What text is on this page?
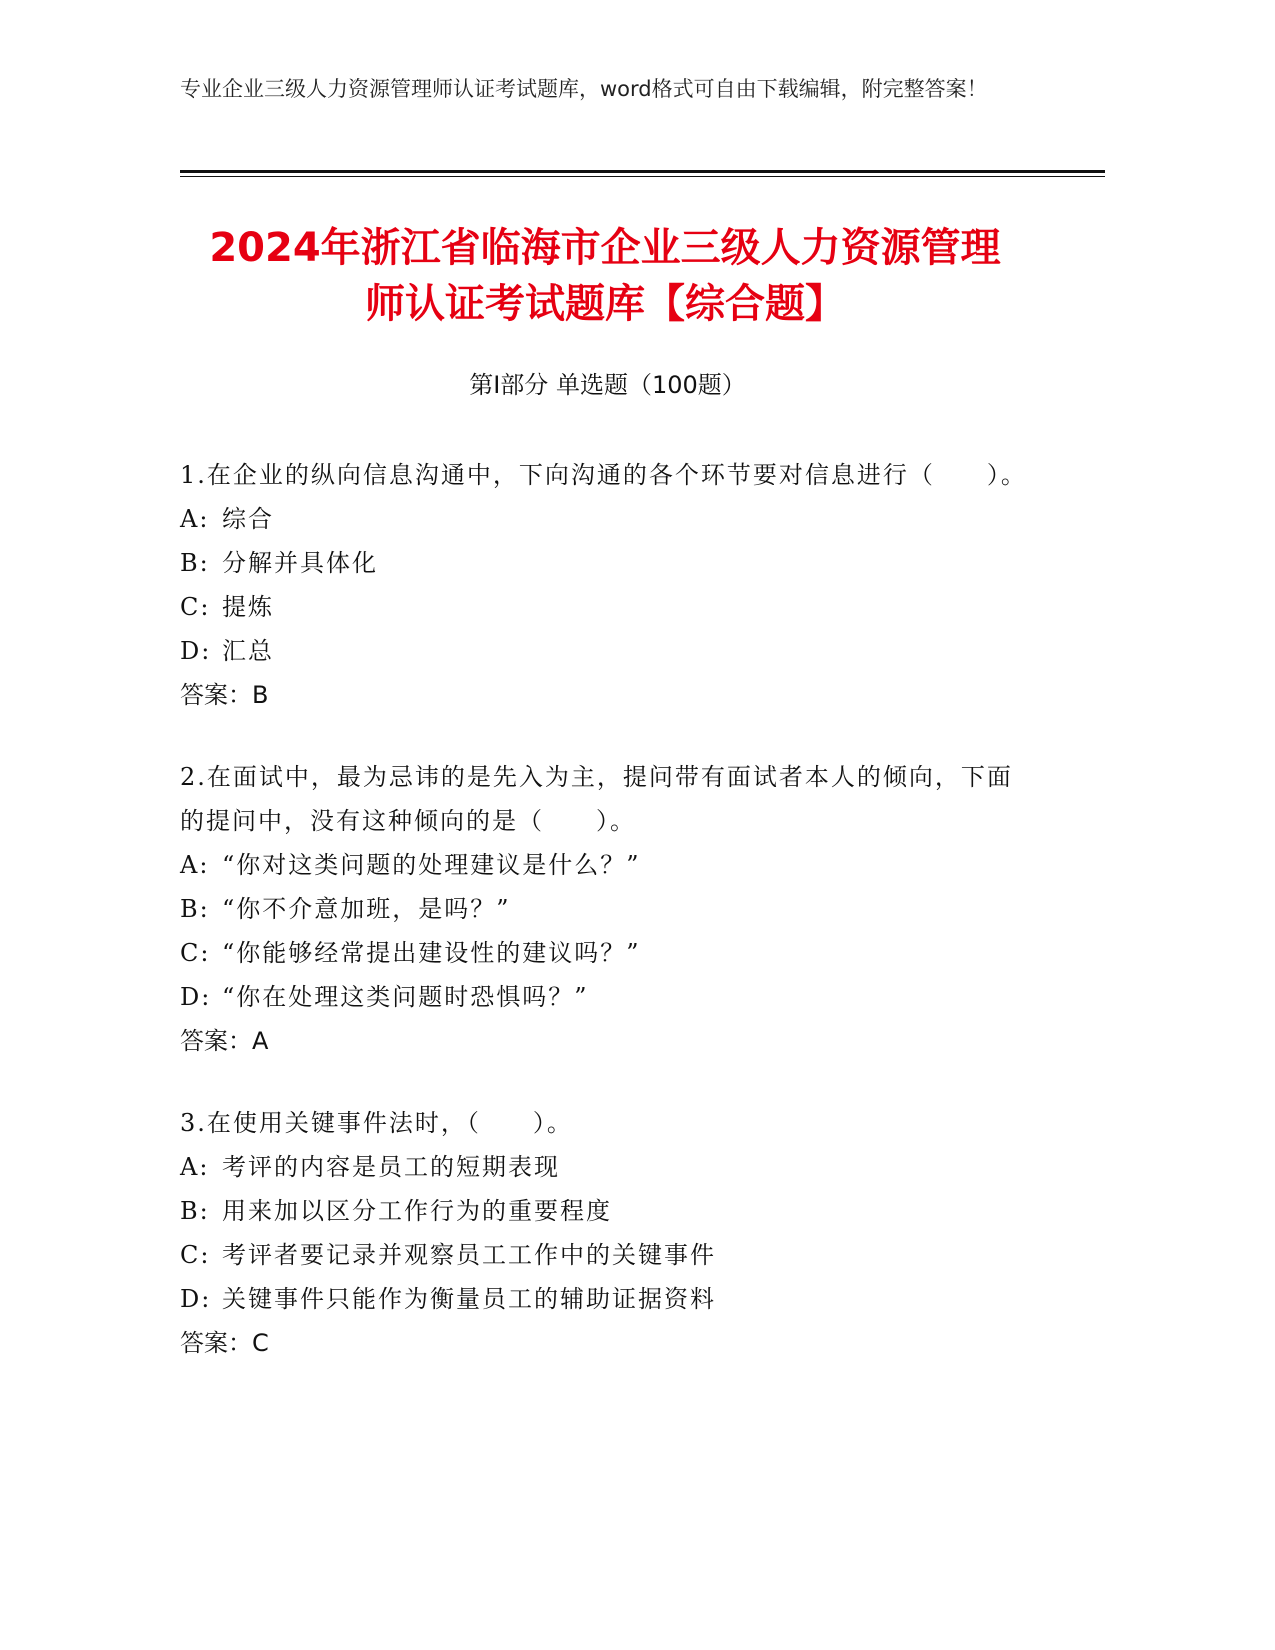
专业企业三级人力资源管理师认证考试题库，word格式可自由下载编辑，附完整答案！
2024年浙江省临海市企业三级人力资源管理
师认证考试题库【综合题】
第Ⅰ部分 单选题（100题）
1.在企业的纵向信息沟通中，下向沟通的各个环节要对信息进行（　　）。
A: 综合
B: 分解并具体化
C: 提炼
D: 汇总
答案：B
2.在面试中，最为忌讳的是先入为主，提问带有面试者本人的倾向，下面的提问中，没有这种倾向的是（　　）。
A: “你对这类问题的处理建议是什么？”
B: “你不介意加班，是吗？”
C: “你能够经常提出建设性的建议吗？”
D: “你在处理这类问题时恐惧吗？”
答案：A
3.在使用关键事件法时，（　　）。
A: 考评的内容是员工的短期表现
B: 用来加以区分工作行为的重要程度
C: 考评者要记录并观察员工工作中的关键事件
D: 关键事件只能作为衡量员工的辅助证据资料
答案：C
